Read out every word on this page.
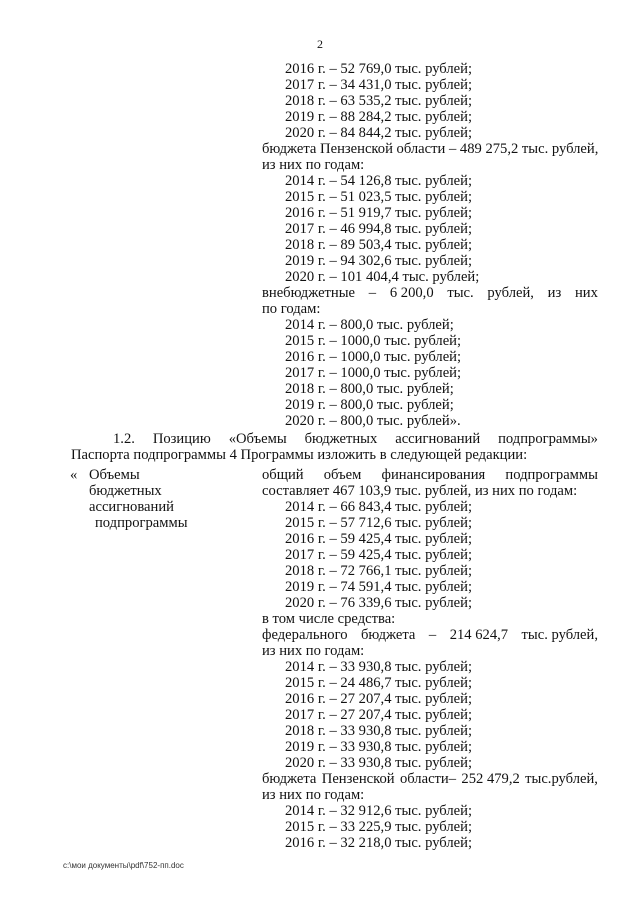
2
2016 г. – 52 769,0 тыс. рублей;
2017 г. – 34 431,0 тыс. рублей;
2018 г. – 63 535,2 тыс. рублей;
2019 г. – 88 284,2 тыс. рублей;
2020 г. – 84 844,2 тыс. рублей;
бюджета Пензенской области – 489 275,2 тыс. рублей,
из них по годам:
2014 г. – 54 126,8 тыс. рублей;
2015 г. – 51 023,5 тыс. рублей;
2016 г. – 51 919,7 тыс. рублей;
2017 г. – 46 994,8 тыс. рублей;
2018 г. – 89 503,4 тыс. рублей;
2019 г. – 94 302,6 тыс. рублей;
2020 г. – 101 404,4 тыс. рублей;
внебюджетные – 6 200,0 тыс. рублей, из них
по годам:
2014 г. – 800,0 тыс. рублей;
2015 г. – 1000,0 тыс. рублей;
2016 г. – 1000,0 тыс. рублей;
2017 г. – 1000,0 тыс. рублей;
2018 г. – 800,0 тыс. рублей;
2019 г. – 800,0 тыс. рублей;
2020 г. – 800,0 тыс. рублей».
1.2. Позицию «Объемы бюджетных ассигнований подпрограммы»
Паспорта подпрограммы 4 Программы изложить в следующей редакции:
« Объемы
бюджетных
ассигнований
подпрограммы
общий объем финансирования подпрограммы
составляет 467 103,9 тыс. рублей, из них по годам:
2014 г. – 66 843,4 тыс. рублей;
2015 г. – 57 712,6 тыс. рублей;
2016 г. – 59 425,4 тыс. рублей;
2017 г. – 59 425,4 тыс. рублей;
2018 г. – 72 766,1 тыс. рублей;
2019 г. – 74 591,4 тыс. рублей;
2020 г. – 76 339,6 тыс. рублей;
в том числе средства:
федерального бюджета – 214 624,7 тыс. рублей,
из них по годам:
2014 г. – 33 930,8 тыс. рублей;
2015 г. – 24 486,7 тыс. рублей;
2016 г. – 27 207,4 тыс. рублей;
2017 г. – 27 207,4 тыс. рублей;
2018 г. – 33 930,8 тыс. рублей;
2019 г. – 33 930,8 тыс. рублей;
2020 г. – 33 930,8 тыс. рублей;
бюджета Пензенской области– 252 479,2 тыс.рублей,
из них по годам:
2014 г. – 32 912,6 тыс. рублей;
2015 г. – 33 225,9 тыс. рублей;
2016 г. – 32 218,0 тыс. рублей;
c:\мои документы\pdf\752-пп.doc
